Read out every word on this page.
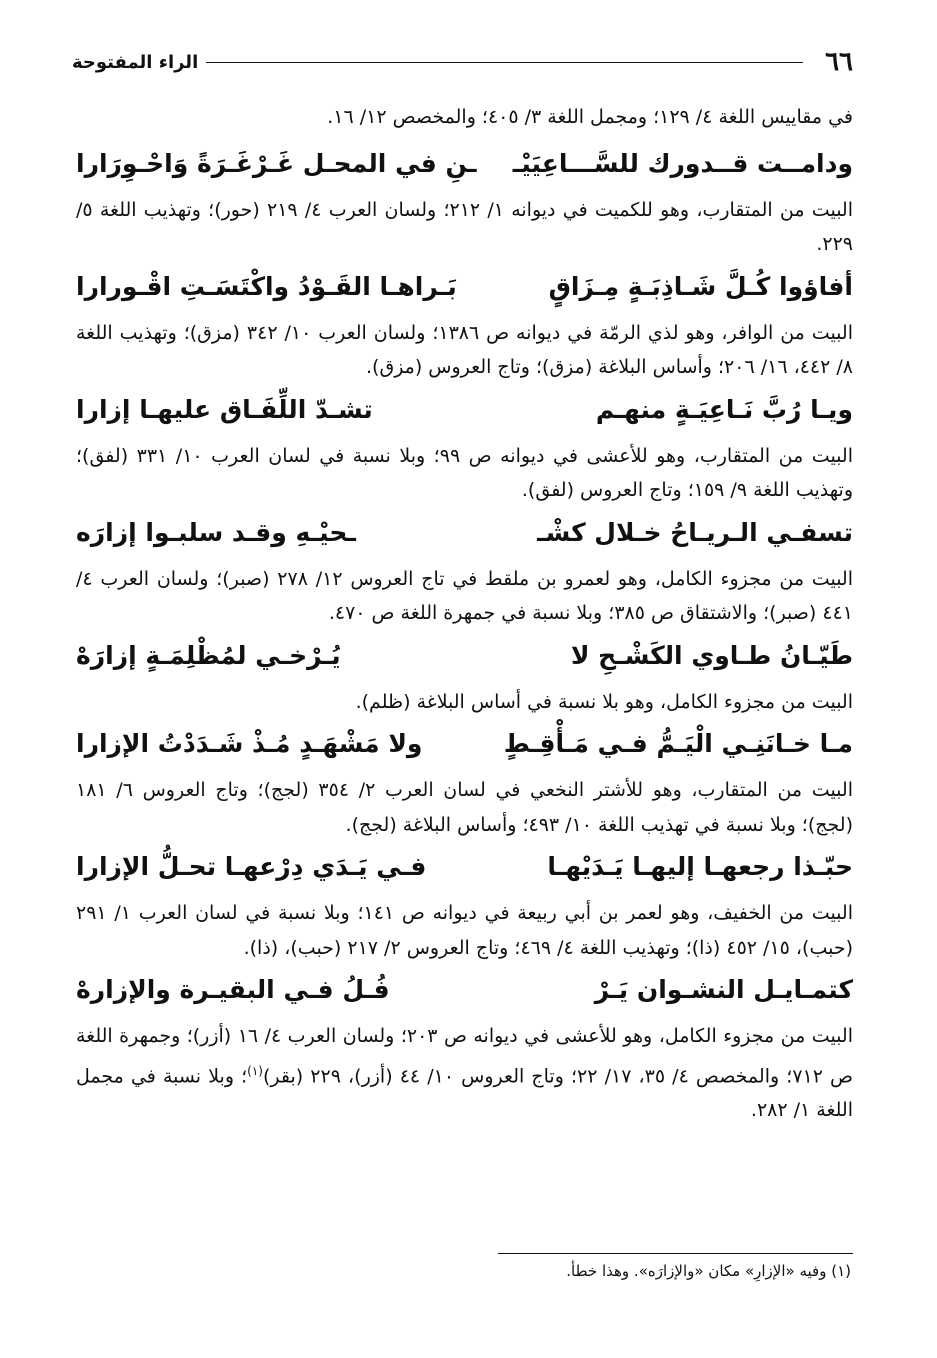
٦٦
الراء المفتوحة

في مقاييس اللغة ٤/ ١٢٩؛ ومجمل اللغة ٣/ ٤٠٥؛ والمخصص ١٢/ ١٦.

ودامــت قــدورك للسَّـــاعِيَيْـ
ـنِ في المحـل غَـرْغَـرَةً وَاحْـوِرَارا

البيت من المتقارب، وهو للكميت في ديوانه ١/ ٢١٢؛ ولسان العرب ٤/ ٢١٩ (حور)؛ وتهذيب اللغة ٥/ ٢٢٩.

أفاؤوا كُـلَّ شَـاذِبَـةٍ مِـزَاقٍ
بَـراهـا القَـوْدُ واكْتَسَـتِ اقْـورارا

البيت من الوافر، وهو لذي الرمّة في ديوانه ص ١٣٨٦؛ ولسان العرب ١٠/ ٣٤٢ (مزق)؛ وتهذيب اللغة ٨/ ٤٤٢، ١٦/ ٢٠٦؛ وأساس البلاغة (مزق)؛ وتاج العروس (مزق).

ويـا رُبَّ نَـاعِيَـةٍ منهـم
تشـدّ اللِّفَـاق عليهـا إزارا

البيت من المتقارب، وهو للأعشى في ديوانه ص ٩٩؛ وبلا نسبة في لسان العرب ١٠/ ٣٣١ (لفق)؛ وتهذيب اللغة ٩/ ١٥٩؛ وتاج العروس (لفق).

تسفـي الـريـاحُ خـلال كشْـ
ـحيْـهِ وقـد سلبـوا إزارَه

البيت من مجزوء الكامل، وهو لعمرو بن ملقط في تاج العروس ١٢/ ٢٧٨ (صبر)؛ ولسان العرب ٤/ ٤٤١ (صبر)؛ والاشتقاق ص ٣٨٥؛ وبلا نسبة في جمهرة اللغة ص ٤٧٠.

طَيّـانُ طـاوي الكَشْـحِ لا
يُـرْخـي لمُظْلِمَـةٍ إزارَهْ

البيت من مجزوء الكامل، وهو بلا نسبة في أساس البلاغة (ظلم).

مـا خـانَنِـي الْيَـمُّ فـي مَـأْقِـطٍ
ولا مَشْهَـدٍ مُـذْ شَـدَدْتُ الإزارا

البيت من المتقارب، وهو للأشتر النخعي في لسان العرب ٢/ ٣٥٤ (لجج)؛ وتاج العروس ٦/ ١٨١ (لجج)؛ وبلا نسبة في تهذيب اللغة ١٠/ ٤٩٣؛ وأساس البلاغة (لجج).

حبّـذا رجعهـا إليهـا يَـدَيْهـا
فـي يَـدَي دِرْعهـا تحـلُّ الإزارا

البيت من الخفيف، وهو لعمر بن أبي ربيعة في ديوانه ص ١٤١؛ وبلا نسبة في لسان العرب ١/ ٢٩١ (حبب)، ١٥/ ٤٥٢ (ذا)؛ وتهذيب اللغة ٤/ ٤٦٩؛ وتاج العروس ٢/ ٢١٧ (حبب)، (ذا).

كتمـايـل النشـوان يَـرْ
فُـلُ فـي البقيـرة والإزارهْ

البيت من مجزوء الكامل، وهو للأعشى في ديوانه ص ٢٠٣؛ ولسان العرب ٤/ ١٦ (أزر)؛ وجمهرة اللغة ص ٧١٢؛ والمخصص ٤/ ٣٥، ١٧/ ٢٢؛ وتاج العروس ١٠/ ٤٤ (أزر)، ٢٢٩ (بقر)$^{(١)}$؛ وبلا نسبة في مجمل اللغة ١/ ٢٨٢.

(١) وفيه «الإزارِ» مكان «والإزارَه». وهذا خطأ.
